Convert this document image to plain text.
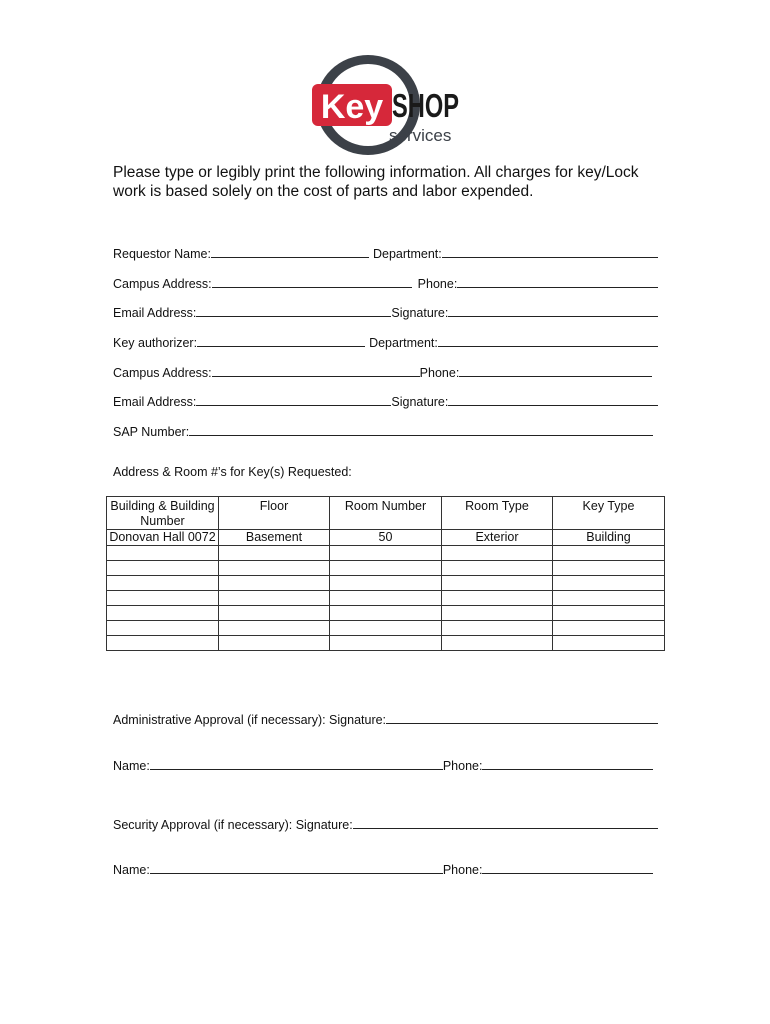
Key SHOP
services

Please type or legibly print the following information. All charges for key/Lock work is based solely on the cost of parts and labor expended.

Requestor Name:	Department:
Campus Address:	Phone:
Email Address:	Signature:
Key authorizer:	Department:
Campus Address:	Phone:
Email Address:	Signature:
SAP Number:
Address & Room #’s for Key(s) Requested:
Building & Building Number	Floor	Room Number	Room Type	Key Type
Donovan Hall 0072	Basement	50	Exterior	Building

Administrative Approval (if necessary): Signature:
Name:	Phone:
Security Approval (if necessary): Signature:
Name:	Phone:
